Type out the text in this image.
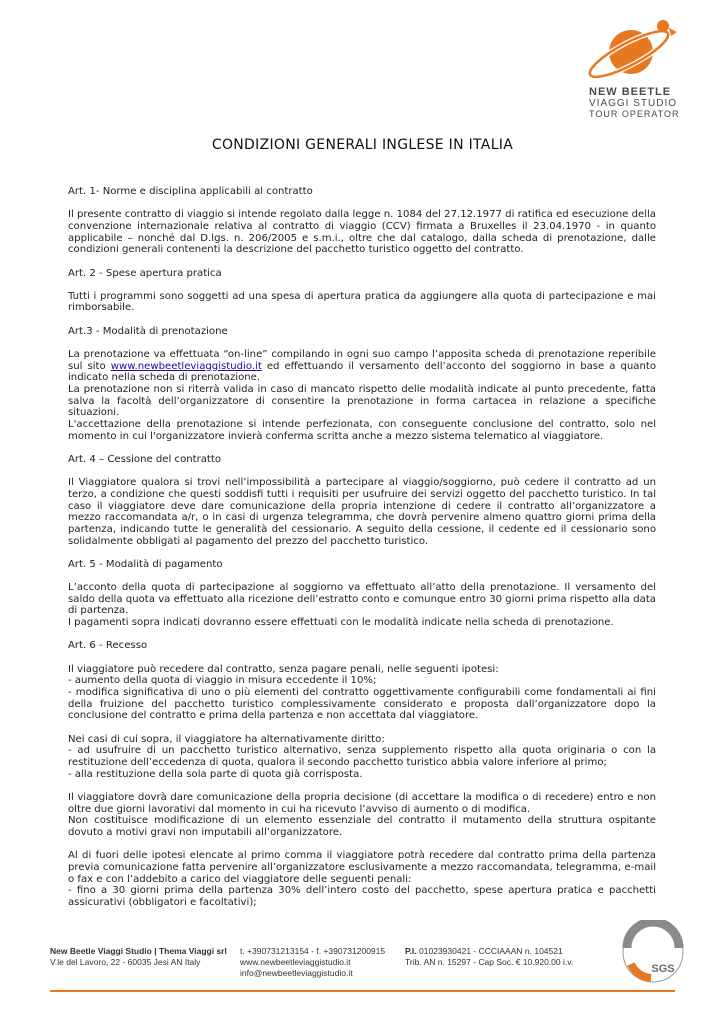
NEW BEETLE
VIAGGI STUDIO
TOUR OPERATOR
CONDIZIONI GENERALI INGLESE IN ITALIA

Art. 1- Norme e disciplina applicabili al contratto

Il presente contratto di viaggio si intende regolato dalla legge n. 1084 del 27.12.1977 di ratifica ed esecuzione della convenzione internazionale relativa al contratto di viaggio (CCV) firmata a Bruxelles il 23.04.1970 - in quanto applicabile – nonché dal D.lgs. n. 206/2005 e s.m.i., oltre che dal catalogo, dalla scheda di prenotazione, dalle condizioni generali contenenti la descrizione del pacchetto turistico oggetto del contratto.

Art. 2 - Spese apertura pratica

Tutti i programmi sono soggetti ad una spesa di apertura pratica da aggiungere alla quota di partecipazione e mai rimborsabile.

Art.3 - Modalità di prenotazione

La prenotazione va effettuata “on-line” compilando in ogni suo campo l’apposita scheda di prenotazione reperibile sul sito www.newbeetleviaggistudio.it ed effettuando il versamento dell’acconto del soggiorno in base a quanto indicato nella scheda di prenotazione.
La prenotazione non si riterrà valida in caso di mancato rispetto delle modalità indicate al punto precedente, fatta salva la facoltà dell’organizzatore di consentire la prenotazione in forma cartacea in relazione a specifiche situazioni.
L'accettazione della prenotazione si intende perfezionata, con conseguente conclusione del contratto, solo nel momento in cui l'organizzatore invierà conferma scritta anche a mezzo sistema telematico al viaggiatore.

Art. 4 – Cessione del contratto

Il Viaggiatore qualora si trovi nell’impossibilità a partecipare al viaggio/soggiorno, può cedere il contratto ad un terzo, a condizione che questi soddisfi tutti i requisiti per usufruire dei servizi oggetto del pacchetto turistico. In tal caso il viaggiatore deve dare comunicazione della propria intenzione di cedere il contratto all’organizzatore a mezzo raccomandata a/r, o in casi di urgenza telegramma, che dovrà pervenire almeno quattro giorni prima della partenza, indicando tutte le generalità del cessionario. A seguito della cessione, il cedente ed il cessionario sono solidalmente obbligati al pagamento del prezzo del pacchetto turistico.

Art. 5 - Modalità di pagamento

L’acconto della quota di partecipazione al soggiorno va effettuato all’atto della prenotazione. Il versamento del saldo della quota va effettuato alla ricezione dell’estratto conto e comunque entro 30 giorni prima rispetto alla data di partenza.
I pagamenti sopra indicati dovranno essere effettuati con le modalità indicate nella scheda di prenotazione.

Art. 6 - Recesso

Il viaggiatore può recedere dal contratto, senza pagare penali, nelle seguenti ipotesi:
- aumento della quota di viaggio in misura eccedente il 10%;
- modifica significativa di uno o più elementi del contratto oggettivamente configurabili come fondamentali ai fini della fruizione del pacchetto turistico complessivamente considerato e proposta dall’organizzatore dopo la conclusione del contratto e prima della partenza e non accettata dal viaggiatore.

Nei casi di cui sopra, il viaggiatore ha alternativamente diritto:
- ad usufruire di un pacchetto turistico alternativo, senza supplemento rispetto alla quota originaria o con la restituzione dell’eccedenza di quota, qualora il secondo pacchetto turistico abbia valore inferiore al primo;
- alla restituzione della sola parte di quota già corrisposta.

Il viaggiatore dovrà dare comunicazione della propria decisione (di accettare la modifica o di recedere) entro e non oltre due giorni lavorativi dal momento in cui ha ricevuto l’avviso di aumento o di modifica.
Non costituisce modificazione di un elemento essenziale del contratto il mutamento della struttura ospitante dovuto a motivi gravi non imputabili all’organizzatore.

Al di fuori delle ipotesi elencate al primo comma il viaggiatore potrà recedere dal contratto prima della partenza previa comunicazione fatta pervenire all’organizzatore esclusivamente a mezzo raccomandata, telegramma, e-mail o fax e con l’addebito a carico del viaggiatore delle seguenti penali:
- fino a 30 giorni prima della partenza 30% dell’intero costo del pacchetto, spese apertura pratica e pacchetti assicurativi (obbligatori e facoltativi);

New Beetle Viaggi Studio | Thema Viaggi srl
V.le del Lavoro, 22 - 60035 Jesi AN Italy
t. +390731213154 - f. +390731200915
www.newbeetleviaggistudio.it
info@newbeetleviaggistudio.it
P.I. 01023930421 - CCCIAAAN n. 104521
Trib. AN n. 15297 - Cap Soc. € 10.920.00 i.v.
SGS
